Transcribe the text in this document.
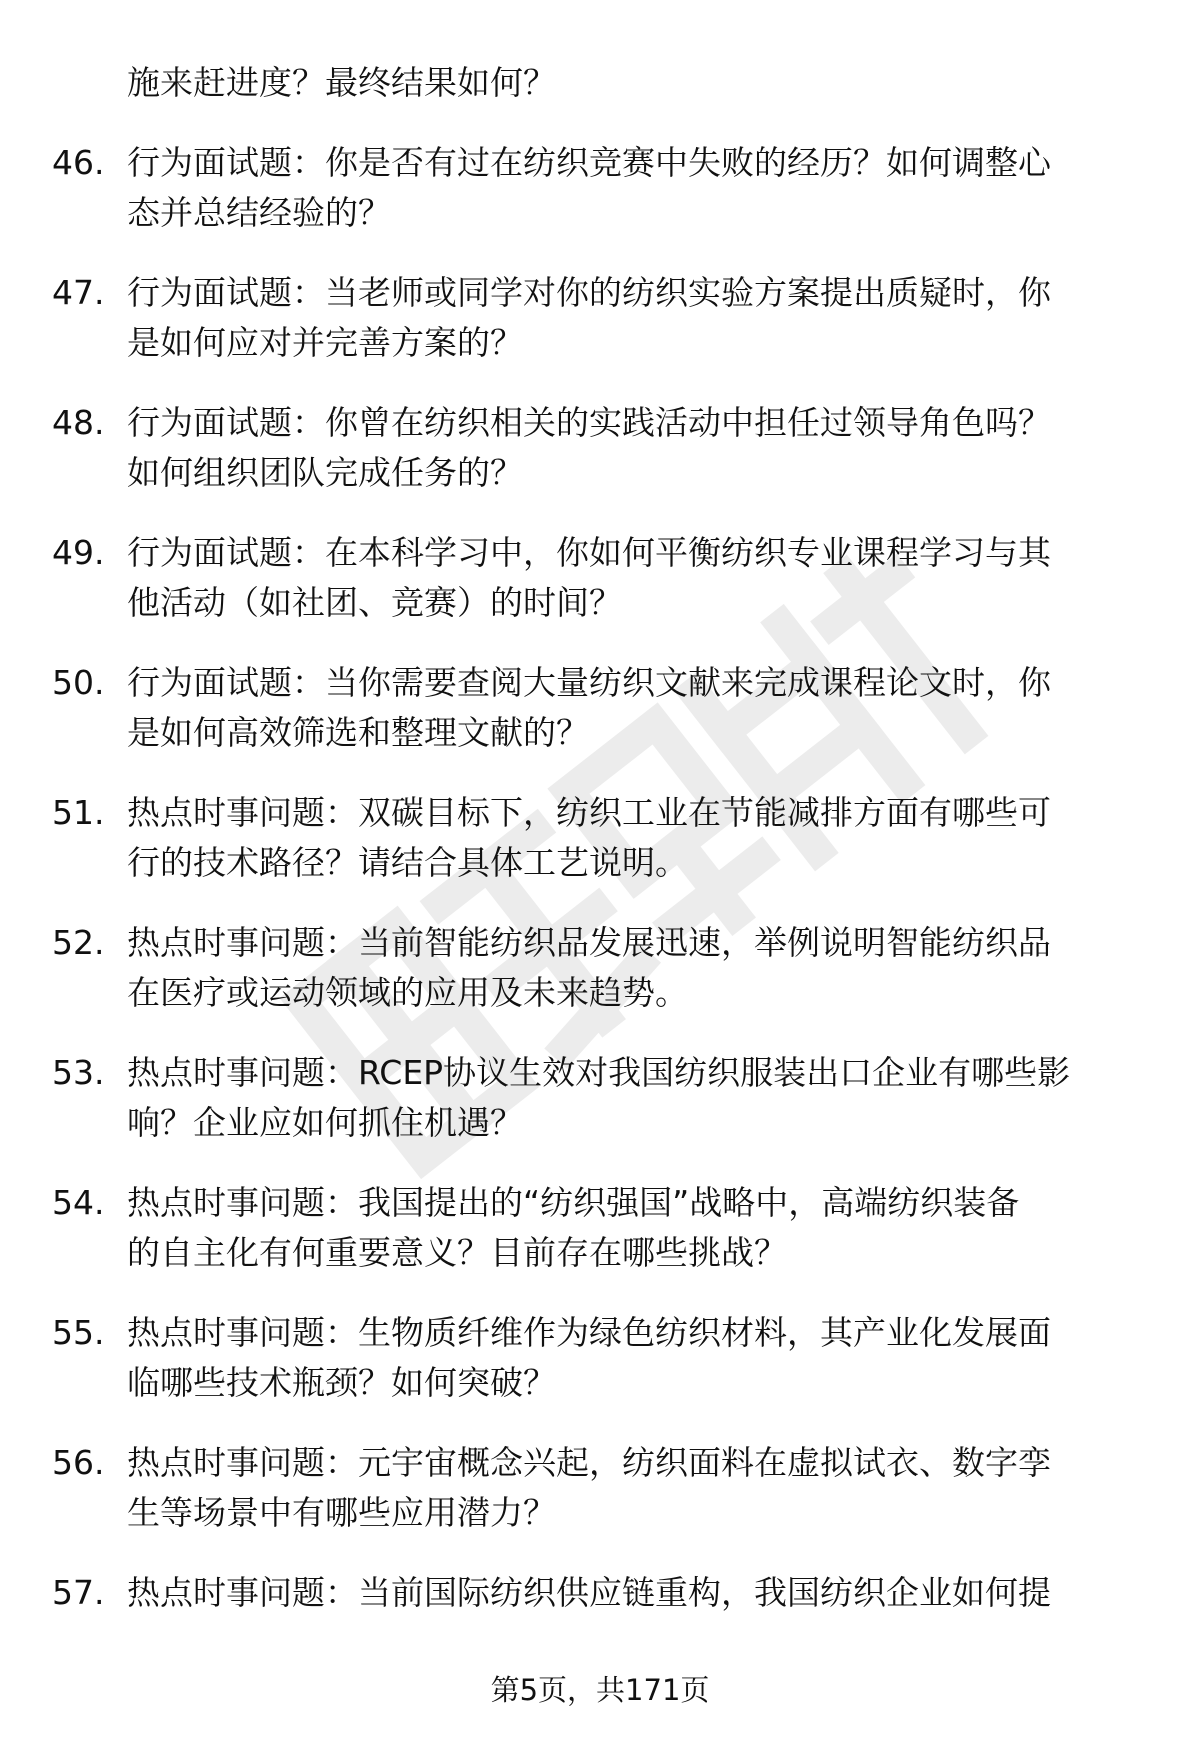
施来赶进度？最终结果如何？
46. 行为面试题：你是否有过在纺织竞赛中失败的经历？如何调整心
态并总结经验的？
47. 行为面试题：当老师或同学对你的纺织实验方案提出质疑时，你
是如何应对并完善方案的？
48. 行为面试题：你曾在纺织相关的实践活动中担任过领导角色吗？
如何组织团队完成任务的？
49. 行为面试题：在本科学习中，你如何平衡纺织专业课程学习与其
他活动（如社团、竞赛）的时间？
50. 行为面试题：当你需要查阅大量纺织文献来完成课程论文时，你
是如何高效筛选和整理文献的？
51. 热点时事问题：双碳目标下，纺织工业在节能减排方面有哪些可
行的技术路径？请结合具体工艺说明。
52. 热点时事问题：当前智能纺织品发展迅速，举例说明智能纺织品
在医疗或运动领域的应用及未来趋势。
53. 热点时事问题：RCEP协议生效对我国纺织服装出口企业有哪些影
响？企业应如何抓住机遇？
54. 热点时事问题：我国提出的“纺织强国”战略中，高端纺织装备
的自主化有何重要意义？目前存在哪些挑战？
55. 热点时事问题：生物质纤维作为绿色纺织材料，其产业化发展面
临哪些技术瓶颈？如何突破？
56. 热点时事问题：元宇宙概念兴起，纺织面料在虚拟试衣、数字孪
生等场景中有哪些应用潜力？
57. 热点时事问题：当前国际纺织供应链重构，我国纺织企业如何提
第5页，共171页
